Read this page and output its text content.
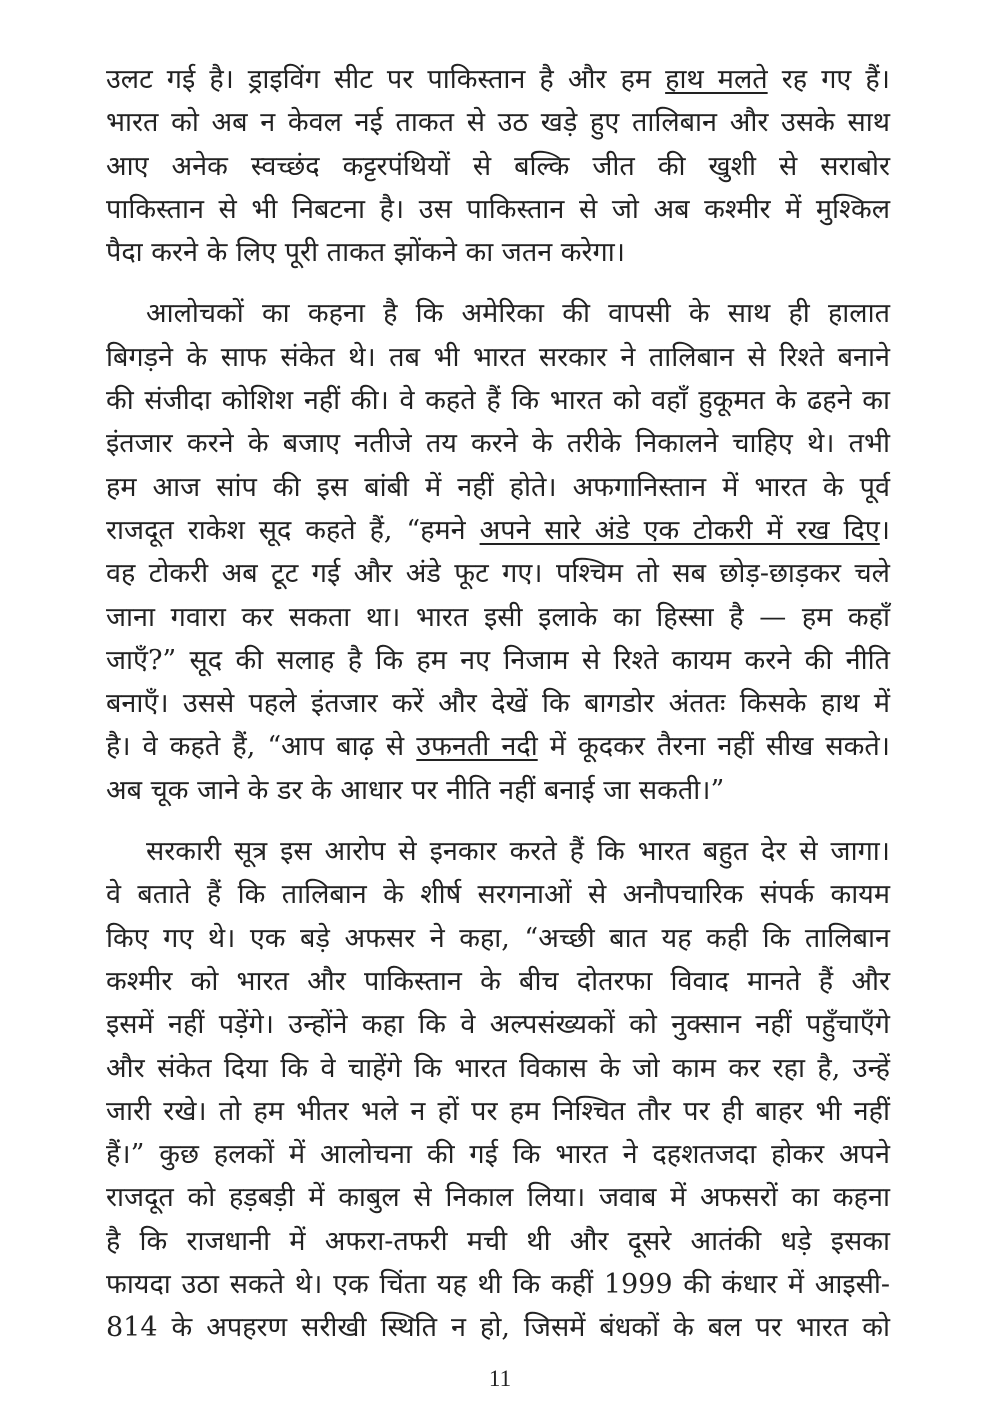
उलट गई है। ड्राइविंग सीट पर पाकिस्तान है और हम हाथ मलते रह गए हैं।
भारत को अब न केवल नई ताकत से उठ खड़े हुए तालिबान और उसके साथ
आए अनेक स्वच्छंद कट्टरपंथियों से बल्कि जीत की खुशी से सराबोर
पाकिस्तान से भी निबटना है। उस पाकिस्तान से जो अब कश्मीर में मुश्किल
पैदा करने के लिए पूरी ताकत झोंकने का जतन करेगा।
आलोचकों का कहना है कि अमेरिका की वापसी के साथ ही हालात
बिगड़ने के साफ संकेत थे। तब भी भारत सरकार ने तालिबान से रिश्ते बनाने
की संजीदा कोशिश नहीं की। वे कहते हैं कि भारत को वहाँ हुकूमत के ढहने का
इंतजार करने के बजाए नतीजे तय करने के तरीके निकालने चाहिए थे। तभी
हम आज सांप की इस बांबी में नहीं होते। अफगानिस्तान में भारत के पूर्व
राजदूत राकेश सूद कहते हैं, “हमने अपने सारे अंडे एक टोकरी में रख दिए।
वह टोकरी अब टूट गई और अंडे फूट गए। पश्चिम तो सब छोड़-छाड़कर चले
जाना गवारा कर सकता था। भारत इसी इलाके का हिस्सा है — हम कहाँ
जाएँ?” सूद की सलाह है कि हम नए निजाम से रिश्ते कायम करने की नीति
बनाएँ। उससे पहले इंतजार करें और देखें कि बागडोर अंततः किसके हाथ में
है। वे कहते हैं, “आप बाढ़ से उफनती नदी में कूदकर तैरना नहीं सीख सकते।
अब चूक जाने के डर के आधार पर नीति नहीं बनाई जा सकती।”
सरकारी सूत्र इस आरोप से इनकार करते हैं कि भारत बहुत देर से जागा।
वे बताते हैं कि तालिबान के शीर्ष सरगनाओं से अनौपचारिक संपर्क कायम
किए गए थे। एक बड़े अफसर ने कहा, “अच्छी बात यह कही कि तालिबान
कश्मीर को भारत और पाकिस्तान के बीच दोतरफा विवाद मानते हैं और
इसमें नहीं पड़ेंगे। उन्होंने कहा कि वे अल्पसंख्यकों को नुक्सान नहीं पहुँचाएँगे
और संकेत दिया कि वे चाहेंगे कि भारत विकास के जो काम कर रहा है, उन्हें
जारी रखे। तो हम भीतर भले न हों पर हम निश्चित तौर पर ही बाहर भी नहीं
हैं।” कुछ हलकों में आलोचना की गई कि भारत ने दहशतजदा होकर अपने
राजदूत को हड़बड़ी में काबुल से निकाल लिया। जवाब में अफसरों का कहना
है कि राजधानी में अफरा-तफरी मची थी और दूसरे आतंकी धड़े इसका
फायदा उठा सकते थे। एक चिंता यह थी कि कहीं 1999 की कंधार में आइसी-
814 के अपहरण सरीखी स्थिति न हो, जिसमें बंधकों के बल पर भारत को
11
